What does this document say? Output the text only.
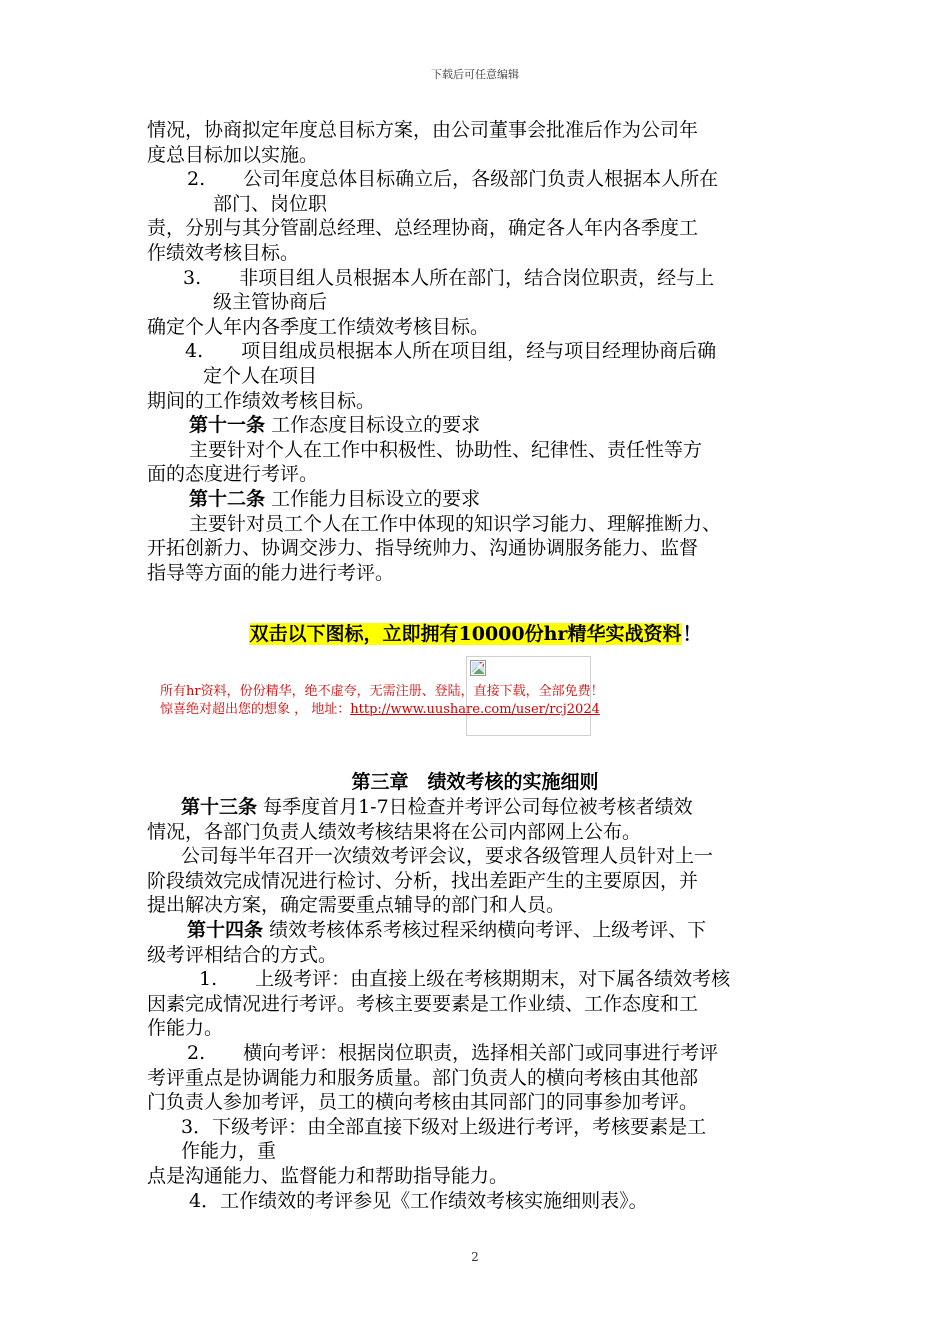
下载后可任意编辑

情况，协商拟定年度总目标方案，由公司董事会批准后作为公司年

度总目标加以实施。

2.　　公司年度总体目标确立后，各级部门负责人根据本人所在

部门、岗位职

责，分别与其分管副总经理、总经理协商，确定各人年内各季度工

作绩效考核目标。

3.　　非项目组人员根据本人所在部门，结合岗位职责，经与上

级主管协商后

确定个人年内各季度工作绩效考核目标。

4.　　项目组成员根据本人所在项目组，经与项目经理协商后确

定个人在项目

期间的工作绩效考核目标。

第十一条 工作态度目标设立的要求

主要针对个人在工作中积极性、协助性、纪律性、责任性等方

面的态度进行考评。

第十二条 工作能力目标设立的要求

主要针对员工个人在工作中体现的知识学习能力、理解推断力、

开拓创新力、协调交涉力、指导统帅力、沟通协调服务能力、监督

指导等方面的能力进行考评。

双击以下图标，立即拥有10000份hr精华实战资料！
所有hr资料，份份精华，绝不虚夸，无需注册、登陆，直接下载，全部免费！
惊喜绝对超出您的想象 ， 地址：http://www.uushare.com/user/rcj2024
第三章　绩效考核的实施细则

第十三条 每季度首月1-7日检查并考评公司每位被考核者绩效

情况，各部门负责人绩效考核结果将在公司内部网上公布。

公司每半年召开一次绩效考评会议，要求各级管理人员针对上一

阶段绩效完成情况进行检讨、分析，找出差距产生的主要原因，并

提出解决方案，确定需要重点辅导的部门和人员。

第十四条 绩效考核体系考核过程采纳横向考评、上级考评、下

级考评相结合的方式。

1.　　上级考评：由直接上级在考核期期末，对下属各绩效考核

因素完成情况进行考评。考核主要要素是工作业绩、工作态度和工

作能力。

2.　　横向考评：根据岗位职责，选择相关部门或同事进行考评

考评重点是协调能力和服务质量。部门负责人的横向考核由其他部

门负责人参加考评，员工的横向考核由其同部门的同事参加考评。

3．下级考评：由全部直接下级对上级进行考评，考核要素是工

作能力，重

点是沟通能力、监督能力和帮助指导能力。

4．工作绩效的考评参见《工作绩效考核实施细则表》。

2
